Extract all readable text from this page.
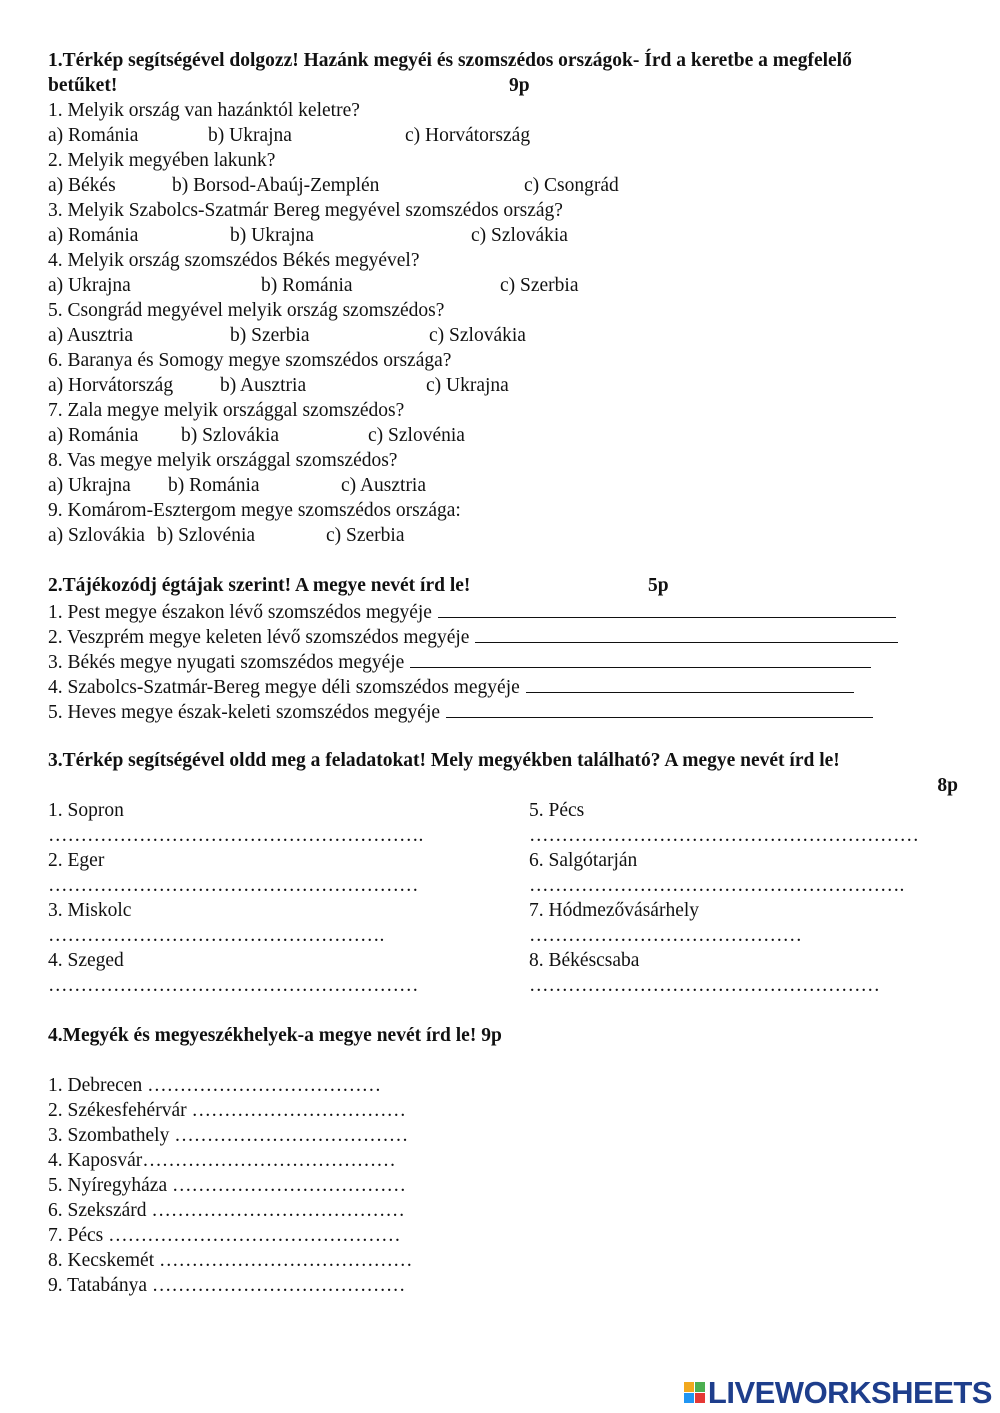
1.Térkép segítségével dolgozz! Hazánk megyéi és szomszédos országok- Írd a keretbe a megfelelő
betűket!	9p
1. Melyik ország van hazánktól keletre?
a) Románia	b) Ukrajna	c) Horvátország
2. Melyik megyében lakunk?
a) Békés	b) Borsod-Abaúj-Zemplén	c) Csongrád
3. Melyik Szabolcs-Szatmár Bereg megyével szomszédos ország?
a) Románia	b) Ukrajna	c) Szlovákia
4. Melyik ország szomszédos Békés megyével?
a) Ukrajna	b) Románia	c) Szerbia
5. Csongrád megyével melyik ország szomszédos?
a) Ausztria	b) Szerbia	c) Szlovákia
6. Baranya és Somogy megye szomszédos országa?
a) Horvátország b) Ausztria	c) Ukrajna
7. Zala megye melyik országgal szomszédos?
a) Románia b) Szlovákia	c) Szlovénia
8. Vas megye melyik országgal szomszédos?
a) Ukrajna b) Románia	c) Ausztria
9. Komárom-Esztergom megye szomszédos országa:
a) Szlovákia b) Szlovénia	c) Szerbia
2.Tájékozódj égtájak szerint! A megye nevét írd le!	5p
1. Pest megye északon lévő szomszédos megyéje
2. Veszprém megye keleten lévő szomszédos megyéje
3. Békés megye nyugati szomszédos megyéje
4. Szabolcs-Szatmár-Bereg megye déli szomszédos megyéje
5. Heves megye észak-keleti szomszédos megyéje
3.Térkép segítségével oldd meg a feladatokat! Mely megyékben található? A megye nevét írd le!
8p
1. Sopron
………………………………………………….
2. Eger
…………………………………………………
3. Miskolc
…………………………………………….
4. Szeged
…………………………………………………
5. Pécs
……………………………………………………
6. Salgótarján
………………………………………………….
7. Hódmezővásárhely
……………………………………
8. Békéscsaba
………………………………………………
4.Megyék és megyeszékhelyek-a megye nevét írd le! 9p
1. Debrecen ………………………………
2. Székesfehérvár ……………………………
3. Szombathely ………………………………
4. Kaposvár…………………………………
5. Nyíregyháza ………………………………
6. Szekszárd …………………………………
7. Pécs ………………………………………
8. Kecskemét …………………………………
9. Tatabánya …………………………………
LIVEWORKSHEETS
